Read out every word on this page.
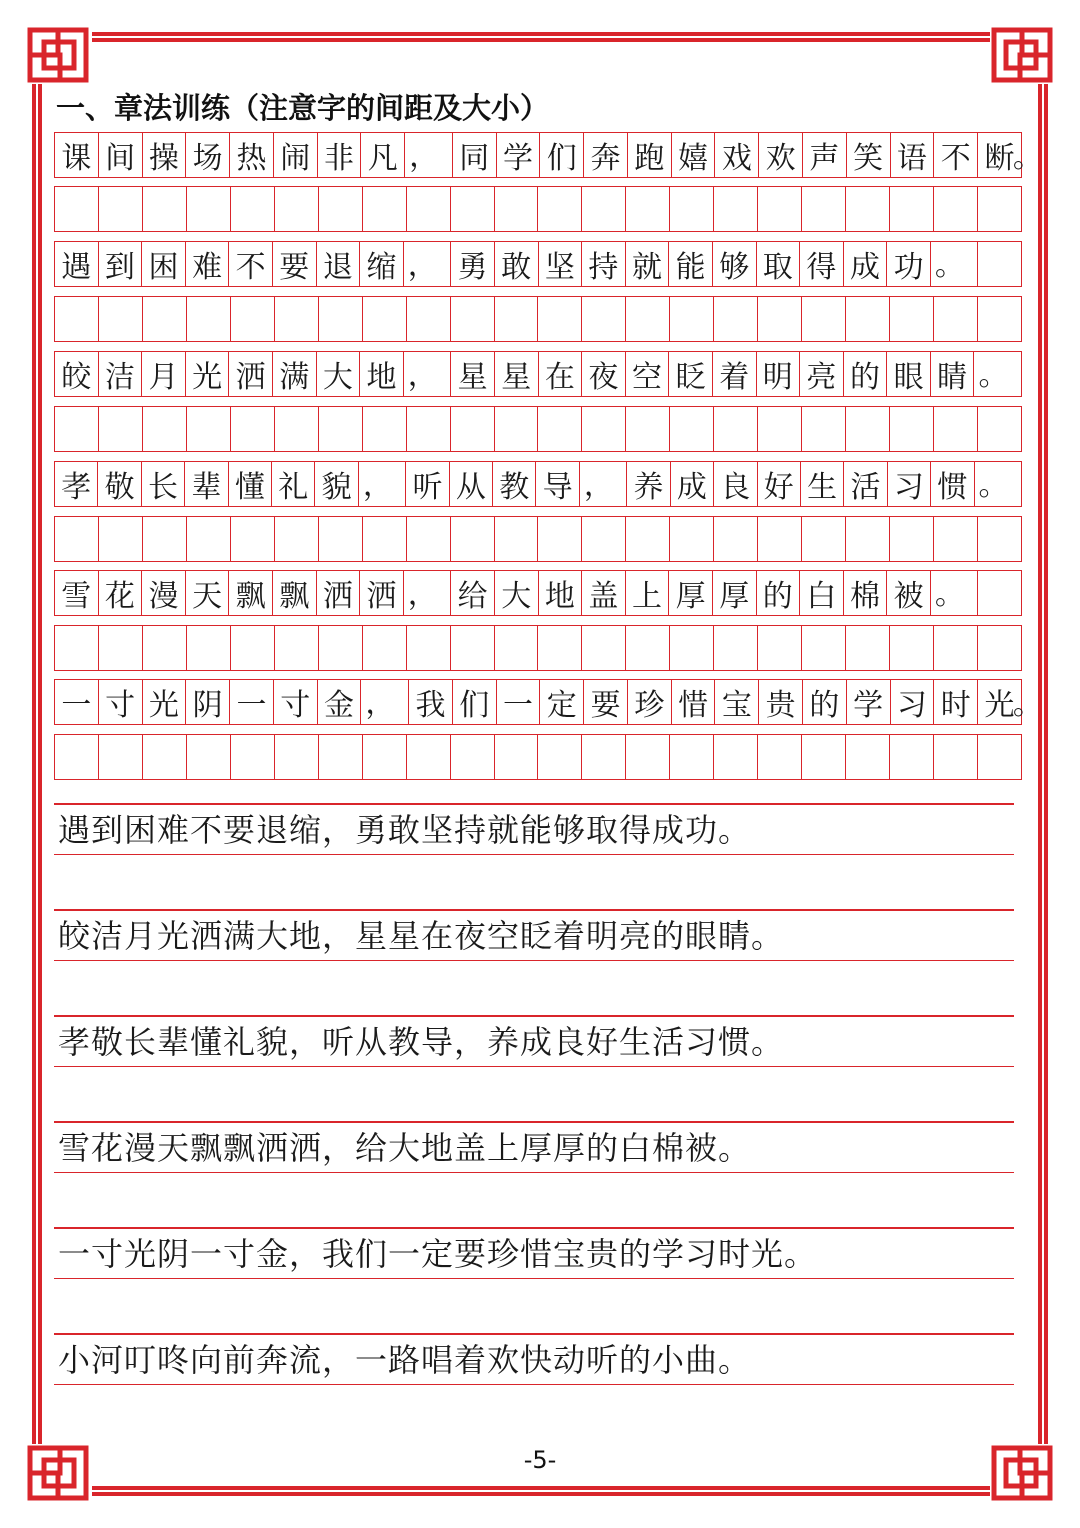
一、章法训练（注意字的间距及大小）
课 间 操 场 热 闹 非 凡 ， 同 学 们 奔 跑 嬉 戏 欢 声 笑 语 不 断
。
遇 到 困 难 不 要 退 缩 ， 勇 敢 坚 持 就 能 够 取 得 成 功 。
皎 洁 月 光 洒 满 大 地 ， 星 星 在 夜 空 眨 着 明 亮 的 眼 睛 。
孝 敬 长 辈 懂 礼 貌 ， 听 从 教 导 ， 养 成 良 好 生 活 习 惯 。
雪 花 漫 天 飘 飘 洒 洒 ， 给 大 地 盖 上 厚 厚 的 白 棉 被 。
一 寸 光 阴 一 寸 金 ， 我 们 一 定 要 珍 惜 宝 贵 的 学 习 时 光
。
遇到困难不要退缩，勇敢坚持就能够取得成功。
皎洁月光洒满大地，星星在夜空眨着明亮的眼睛。
孝敬长辈懂礼貌，听从教导，养成良好生活习惯。
雪花漫天飘飘洒洒，给大地盖上厚厚的白棉被。
一寸光阴一寸金，我们一定要珍惜宝贵的学习时光。
小河叮咚向前奔流，一路唱着欢快动听的小曲。
-5-
